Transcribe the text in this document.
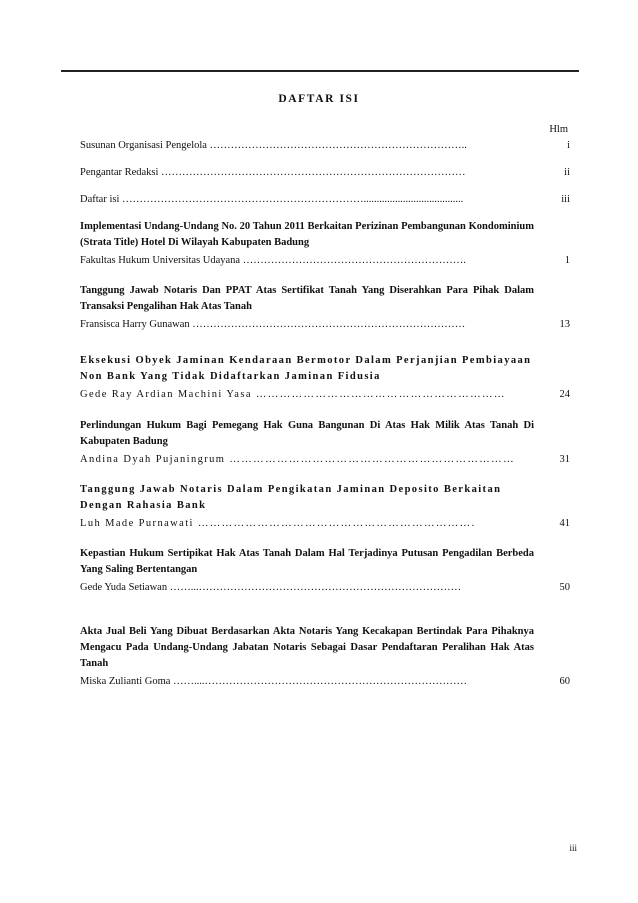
DAFTAR ISI
Hlm
Susunan Organisasi Pengelola ………………………………………………………………..	i
Pengantar Redaksi ……………………………………………………………………………	ii
Daftar isi ……………………………………………………………......................................	iii
Implementasi Undang-Undang No. 20 Tahun 2011 Berkaitan Perizinan Pembangunan Kondominium (Strata Title) Hotel Di Wilayah Kabupaten Badung
Fakultas Hukum Universitas Udayana ……………………………………………………….	1
Tanggung Jawab Notaris Dan PPAT Atas Sertifikat Tanah Yang Diserahkan Para Pihak Dalam Transaksi Pengalihan Hak Atas Tanah
Fransisca Harry Gunawan ……………………………………………………………………	13
Eksekusi Obyek Jaminan Kendaraan Bermotor Dalam Perjanjian Pembiayaan Non Bank Yang Tidak Didaftarkan Jaminan Fidusia
Gede Ray Ardian Machini Yasa ………………………………………………………	24
Perlindungan Hukum Bagi Pemegang Hak Guna Bangunan Di Atas Hak Milik Atas Tanah Di Kabupaten Badung
Andina Dyah Pujaningrum ………………………………………………………………	31
Tanggung Jawab Notaris Dalam Pengikatan Jaminan Deposito Berkaitan Dengan Rahasia Bank
Luh Made Purnawati …………………………………………………………….	41
Kepastian Hukum Sertipikat Hak Atas Tanah Dalam Hal Terjadinya Putusan Pengadilan Berbeda Yang Saling Bertentangan
Gede Yuda Setiawan ……...…………………………………………………………………	50
Akta Jual Beli Yang Dibuat Berdasarkan Akta Notaris Yang Kecakapan Bertindak Para Pihaknya Mengacu Pada Undang-Undang Jabatan Notaris Sebagai Dasar Pendaftaran Peralihan Hak Atas Tanah
Miska Zulianti Goma ……....…………………………………………………………………	60
iii
